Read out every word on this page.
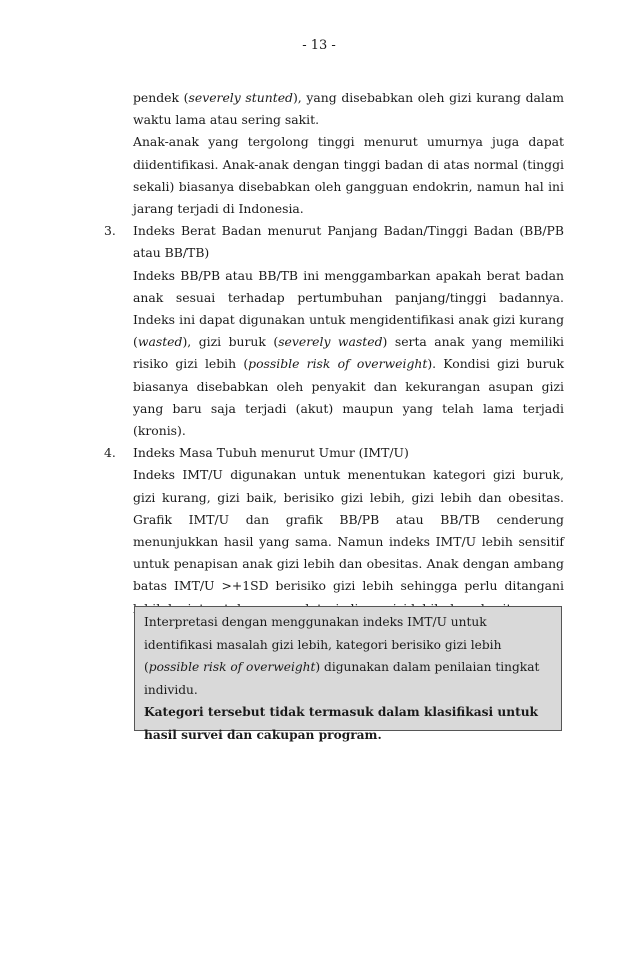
- 13 -

pendek (severely stunted), yang disebabkan oleh gizi kurang dalam waktu lama atau sering sakit.

Anak-anak yang tergolong tinggi menurut umurnya juga dapat diidentifikasi. Anak-anak dengan tinggi badan di atas normal (tinggi sekali) biasanya disebabkan oleh gangguan endokrin, namun hal ini jarang terjadi di Indonesia.

3. Indeks Berat Badan menurut Panjang Badan/Tinggi Badan (BB/PB atau BB/TB)

Indeks BB/PB atau BB/TB ini menggambarkan apakah berat badan anak sesuai terhadap pertumbuhan panjang/tinggi badannya. Indeks ini dapat digunakan untuk mengidentifikasi anak gizi kurang (wasted), gizi buruk (severely wasted) serta anak yang memiliki risiko gizi lebih (possible risk of overweight). Kondisi gizi buruk biasanya disebabkan oleh penyakit dan kekurangan asupan gizi yang baru saja terjadi (akut) maupun yang telah lama terjadi (kronis).

4. Indeks Masa Tubuh menurut Umur (IMT/U)

Indeks IMT/U digunakan untuk menentukan kategori gizi buruk, gizi kurang, gizi baik, berisiko gizi lebih, gizi lebih dan obesitas. Grafik IMT/U dan grafik BB/PB atau BB/TB cenderung menunjukkan hasil yang sama. Namun indeks IMT/U lebih sensitif untuk penapisan anak gizi lebih dan obesitas. Anak dengan ambang batas IMT/U >+1SD berisiko gizi lebih sehingga perlu ditangani

Interpretasi dengan menggunakan indeks IMT/U untuk identifikasi masalah gizi lebih, kategori berisiko gizi lebih (possible risk of overweight) digunakan dalam penilaian tingkat individu.

Kategori tersebut tidak termasuk dalam klasifikasi untuk hasil survei dan cakupan program.
